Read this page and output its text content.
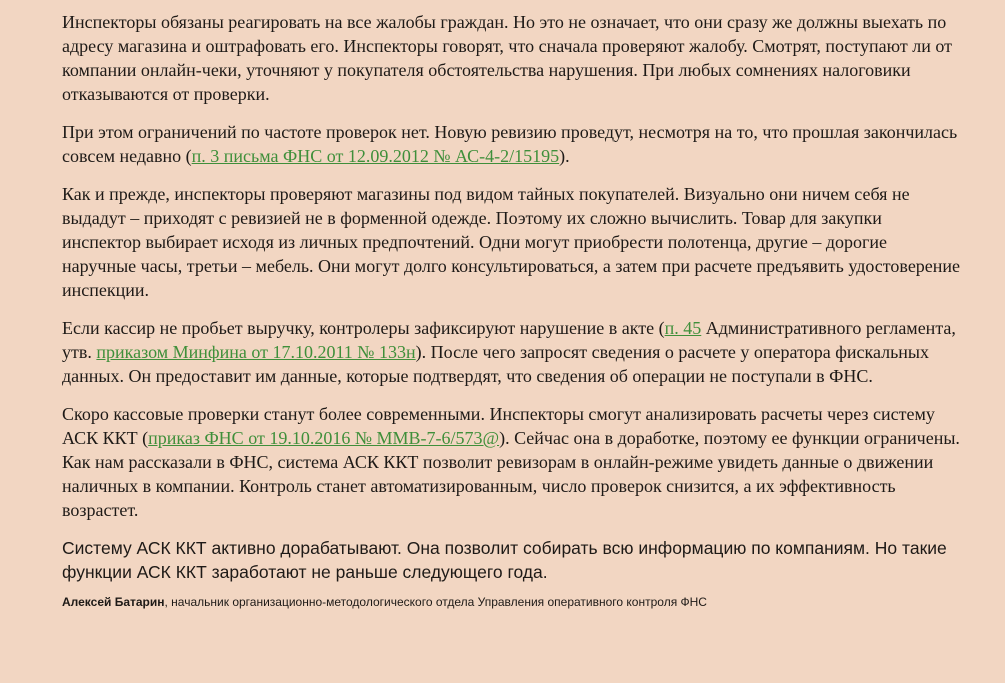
Инспекторы обязаны реагировать на все жалобы граждан. Но это не означает, что они сразу же должны выехать по адресу магазина и оштрафовать его. Инспекторы говорят, что сначала проверяют жалобу. Смотрят, поступают ли от компании онлайн-чеки, уточняют у покупателя обстоятельства нарушения. При любых сомнениях налоговики отказываются от проверки.

При этом ограничений по частоте проверок нет. Новую ревизию проведут, несмотря на то, что прошлая закончилась совсем недавно (п. 3 письма ФНС от 12.09.2012 № АС-4-2/15195).

Как и прежде, инспекторы проверяют магазины под видом тайных покупателей. Визуально они ничем себя не выдадут – приходят с ревизией не в форменной одежде. Поэтому их сложно вычислить. Товар для закупки инспектор выбирает исходя из личных предпочтений. Одни могут приобрести полотенца, другие – дорогие наручные часы, третьи – мебель. Они могут долго консультироваться, а затем при расчете предъявить удостоверение инспекции.

Если кассир не пробьет выручку, контролеры зафиксируют нарушение в акте (п. 45 Административного регламента, утв. приказом Минфина от 17.10.2011 № 133н). После чего запросят сведения о расчете у оператора фискальных данных. Он предоставит им данные, которые подтвердят, что сведения об операции не поступали в ФНС.

Скоро кассовые проверки станут более современными. Инспекторы смогут анализировать расчеты через систему АСК ККТ (приказ ФНС от 19.10.2016 № ММВ-7-6/573@). Сейчас она в доработке, поэтому ее функции ограничены. Как нам рассказали в ФНС, система АСК ККТ позволит ревизорам в онлайн-режиме увидеть данные о движении наличных в компании. Контроль станет автоматизированным, число проверок снизится, а их эффективность возрастет.

Систему АСК ККТ активно дорабатывают. Она позволит собирать всю информацию по компаниям. Но такие функции АСК ККТ заработают не раньше следующего года.

Алексей Батарин, начальник организационно-методологического отдела Управления оперативного контроля ФНС
